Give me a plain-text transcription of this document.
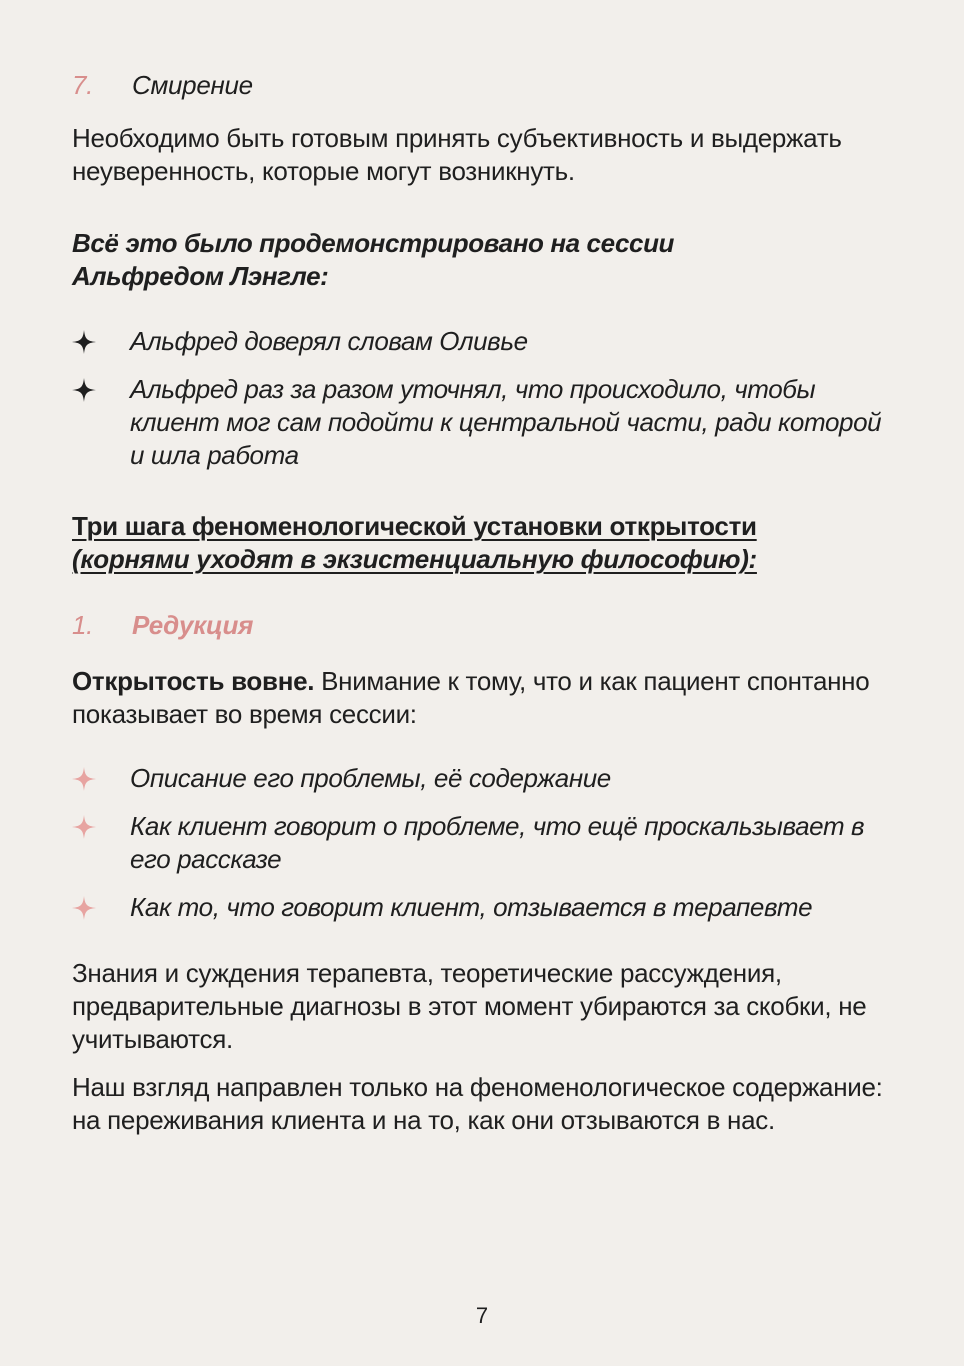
7.	Смирение

Необходимо быть готовым принять субъективность и выдержать неуверенность, которые могут возникнуть.

Всё это было продемонстрировано на сессии

Альфредом Лэнгле:

Альфред доверял словам Оливье
Альфред раз за разом уточнял, что происходило, чтобы клиент мог сам подойти к центральной части, ради которой и шла работа

Три шага феноменологической установки открытости

(корнями уходят в экзистенциальную философию):

1.	Редукция

Открытость вовне. Внимание к тому, что и как пациент спонтанно показывает во время сессии:

Описание его проблемы, её содержание
Как клиент говорит о проблеме, что ещё проскальзывает в его рассказе
Как то, что говорит клиент, отзывается в терапевте

Знания и суждения терапевта, теоретические рассуждения, предварительные диагнозы в этот момент убираются за скобки, не учитываются.

Наш взгляд направлен только на феноменологическое содержание: на переживания клиента и на то, как они отзываются в нас.

7
